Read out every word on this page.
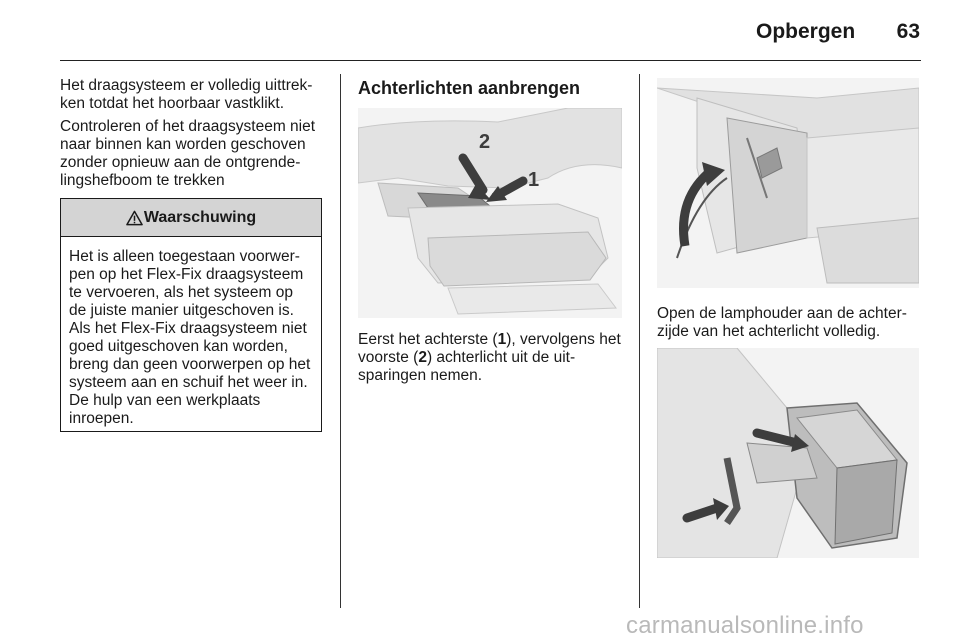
Opbergen	63

Het draagsysteem er volledig uittrekken totdat het hoorbaar vastklikt.

Controleren of het draagsysteem niet naar binnen kan worden geschoven zonder opnieuw aan de ontgrendelingshefboom te trekken

Waarschuwing

Het is alleen toegestaan voorwerpen op het Flex-Fix draagsysteem te vervoeren, als het systeem op de juiste manier uitgeschoven is. Als het Flex-Fix draagsysteem niet goed uitgeschoven kan worden, breng dan geen voorwerpen op het systeem aan en schuif het weer in. De hulp van een werkplaats inroepen.

Achterlichten aanbrengen
2
1

Eerst het achterste (1), vervolgens het voorste (2) achterlicht uit de uitsparingen nemen.

Open de lamphouder aan de achterzijde van het achterlicht volledig.

carmanualsonline.info
